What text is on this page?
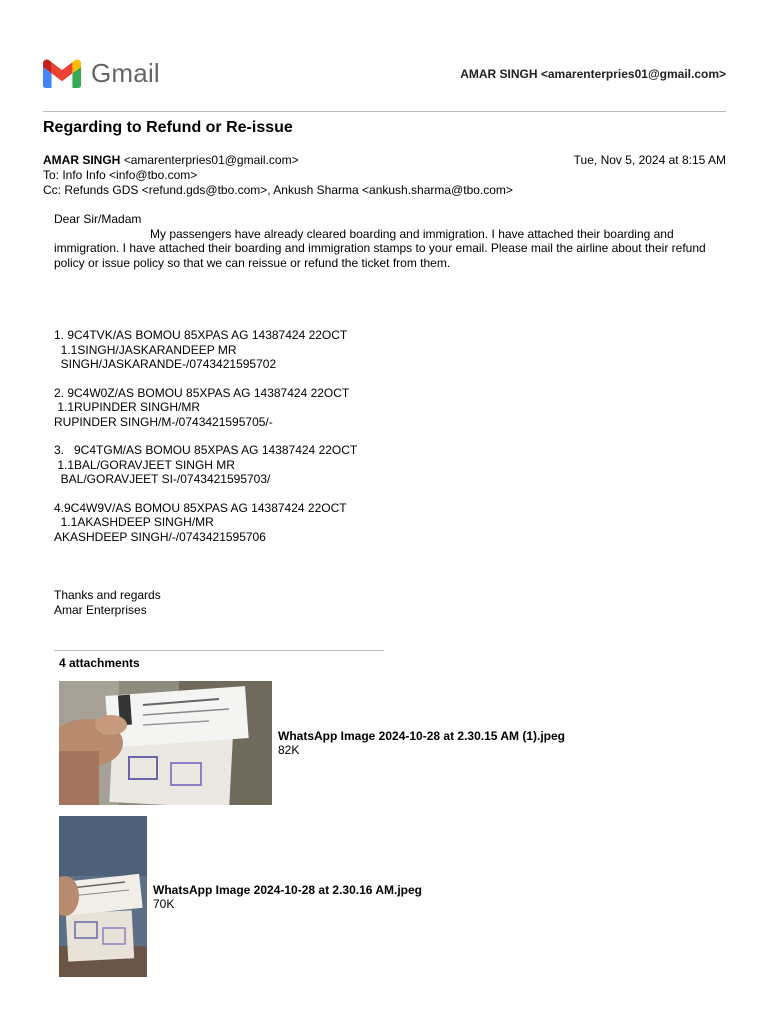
Gmail	AMAR SINGH <amarenterpries01@gmail.com>
Regarding to Refund or Re-issue
AMAR SINGH <amarenterpries01@gmail.com>	Tue, Nov 5, 2024 at 8:15 AM
To: Info Info <info@tbo.com>
Cc: Refunds GDS <refund.gds@tbo.com>, Ankush Sharma <ankush.sharma@tbo.com>

Dear Sir/Madam

My passengers have already cleared boarding and immigration. I have attached their boarding and

immigration. I have attached their boarding and immigration stamps to your email. Please mail the airline about their refund policy or issue policy so that we can reissue or refund the ticket from them.

1. 9C4TVK/AS BOMOU 85XPAS AG 14387424 22OCT

1.1SINGH/JASKARANDEEP MR

SINGH/JASKARANDE-/0743421595702

2. 9C4W0Z/AS BOMOU 85XPAS AG 14387424 22OCT

1.1RUPINDER SINGH/MR

RUPINDER SINGH/M-/0743421595705/-

3.   9C4TGM/AS BOMOU 85XPAS AG 14387424 22OCT

1.1BAL/GORAVJEET SINGH MR

BAL/GORAVJEET SI-/0743421595703/

4.9C4W9V/AS BOMOU 85XPAS AG 14387424 22OCT

1.1AKASHDEEP SINGH/MR

AKASHDEEP SINGH/-/0743421595706

Thanks and regards

Amar Enterprises

4 attachments
WhatsApp Image 2024-10-28 at 2.30.15 AM (1).jpeg
82K
WhatsApp Image 2024-10-28 at 2.30.16 AM.jpeg
70K
